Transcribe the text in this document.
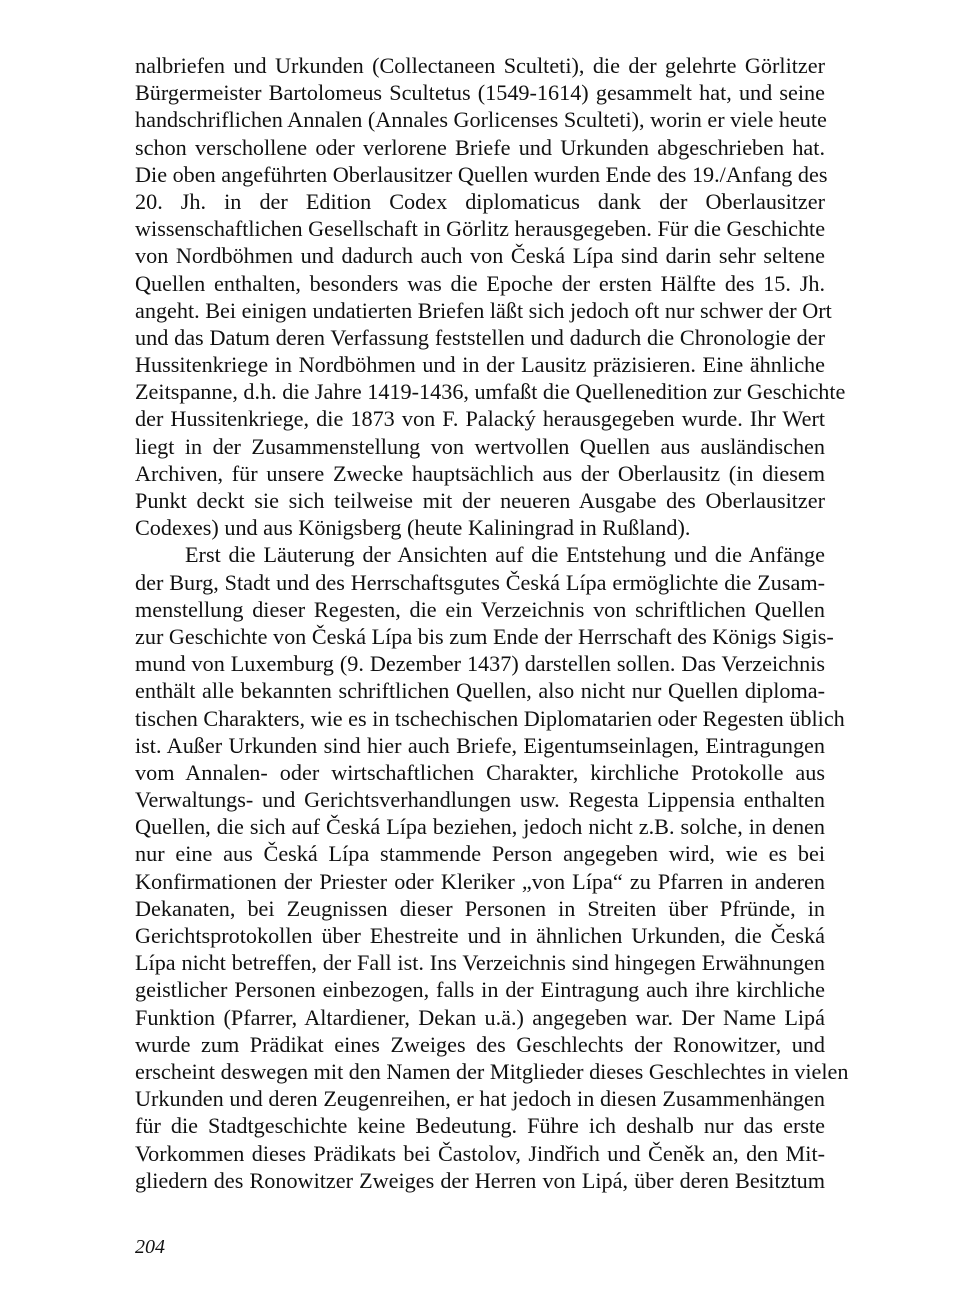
nalbriefen und Urkunden (Collectaneen Sculteti), die der gelehrte Görlitzer
Bürgermeister Bartolomeus Scultetus (1549-1614) gesammelt hat, und seine
handschriflichen Annalen (Annales Gorlicenses Sculteti), worin er viele heute
schon verschollene oder verlorene Briefe und Urkunden abgeschrieben hat.
Die oben angeführten Oberlausitzer Quellen wurden Ende des 19./Anfang des
20. Jh. in der Edition Codex diplomaticus dank der Oberlausitzer
wissenschaftlichen Gesellschaft in Görlitz herausgegeben. Für die Geschichte
von Nordböhmen und dadurch auch von Česká Lípa sind darin sehr seltene
Quellen enthalten, besonders was die Epoche der ersten Hälfte des 15. Jh.
angeht. Bei einigen undatierten Briefen läßt sich jedoch oft nur schwer der Ort
und das Datum deren Verfassung feststellen und dadurch die Chronologie der
Hussitenkriege in Nordböhmen und in der Lausitz präzisieren. Eine ähnliche
Zeitspanne, d.h. die Jahre 1419-1436, umfaßt die Quellenedition zur Geschichte
der Hussitenkriege, die 1873 von F. Palacký herausgegeben wurde. Ihr Wert
liegt in der Zusammenstellung von wertvollen Quellen aus ausländischen
Archiven, für unsere Zwecke hauptsächlich aus der Oberlausitz (in diesem
Punkt deckt sie sich teilweise mit der neueren Ausgabe des Oberlausitzer
Codexes) und aus Königsberg (heute Kaliningrad in Rußland).
Erst die Läuterung der Ansichten auf die Entstehung und die Anfänge
der Burg, Stadt und des Herrschaftsgutes Česká Lípa ermöglichte die Zusam-
menstellung dieser Regesten, die ein Verzeichnis von schriftlichen Quellen
zur Geschichte von Česká Lípa bis zum Ende der Herrschaft des Königs Sigis-
mund von Luxemburg (9. Dezember 1437) darstellen sollen. Das Verzeichnis
enthält alle bekannten schriftlichen Quellen, also nicht nur Quellen diploma-
tischen Charakters, wie es in tschechischen Diplomatarien oder Regesten üblich
ist. Außer Urkunden sind hier auch Briefe, Eigentumseinlagen, Eintragungen
vom Annalen- oder wirtschaftlichen Charakter, kirchliche Protokolle aus
Verwaltungs- und Gerichtsverhandlungen usw. Regesta Lippensia enthalten
Quellen, die sich auf Česká Lípa beziehen, jedoch nicht z.B. solche, in denen
nur eine aus Česká Lípa stammende Person angegeben wird, wie es bei
Konfirmationen der Priester oder Kleriker „von Lípa“ zu Pfarren in anderen
Dekanaten, bei Zeugnissen dieser Personen in Streiten über Pfründe, in
Gerichtsprotokollen über Ehestreite und in ähnlichen Urkunden, die Česká
Lípa nicht betreffen, der Fall ist. Ins Verzeichnis sind hingegen Erwähnungen
geistlicher Personen einbezogen, falls in der Eintragung auch ihre kirchliche
Funktion (Pfarrer, Altardiener, Dekan u.ä.) angegeben war. Der Name Lipá
wurde zum Prädikat eines Zweiges des Geschlechts der Ronowitzer, und
erscheint deswegen mit den Namen der Mitglieder dieses Geschlechtes in vielen
Urkunden und deren Zeugenreihen, er hat jedoch in diesen Zusammenhängen
für die Stadtgeschichte keine Bedeutung. Führe ich deshalb nur das erste
Vorkommen dieses Prädikats bei Častolov, Jindřich und Čeněk an, den Mit-
gliedern des Ronowitzer Zweiges der Herren von Lipá, über deren Besitztum
204
